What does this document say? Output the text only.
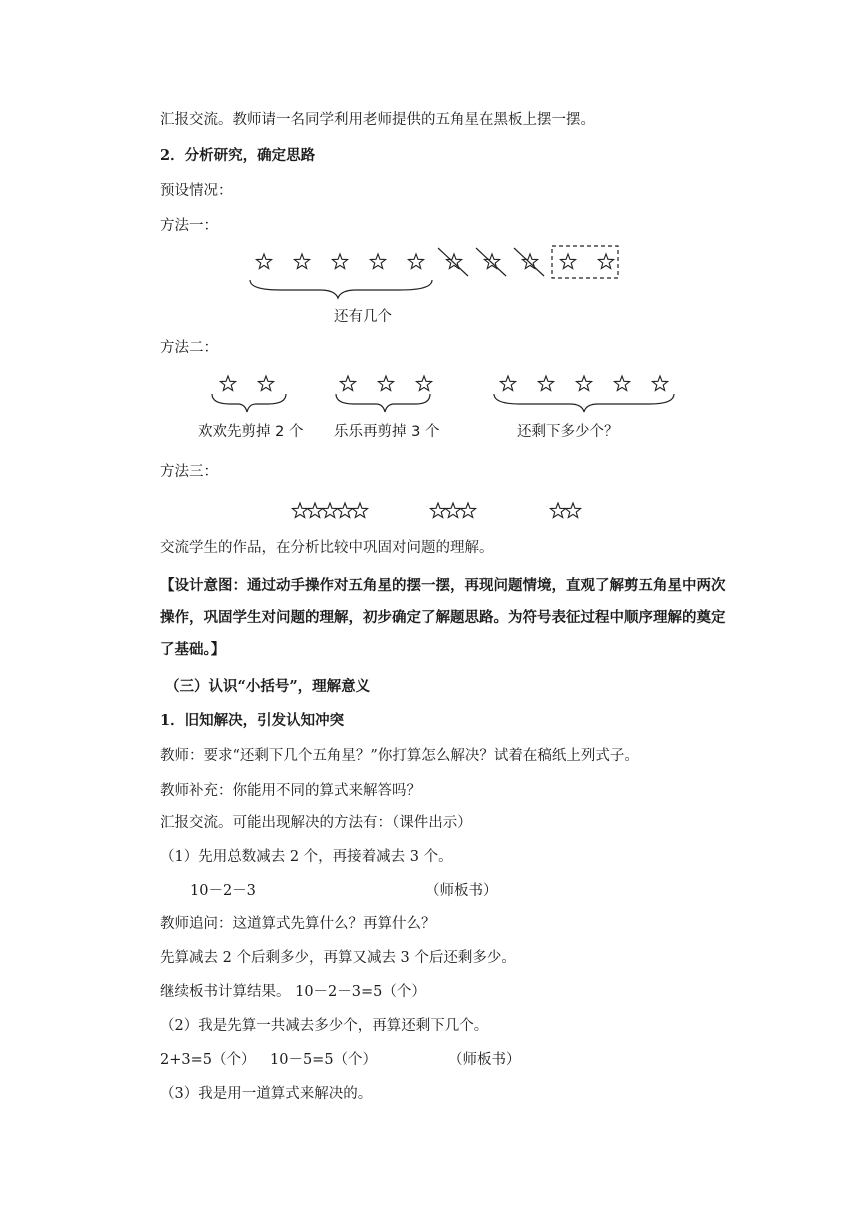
汇报交流。教师请一名同学利用老师提供的五角星在黑板上摆一摆。
2．分析研究，确定思路
预设情况：
方法一：
还有几个
方法二：
欢欢先剪掉 2 个 乐乐再剪掉 3 个	还剩下多少个？
方法三：
交流学生的作品，在分析比较中巩固对问题的理解。
【设计意图：通过动手操作对五角星的摆一摆，再现问题情境，直观了解剪五角星中两次操作，巩固学生对问题的理解，初步确定了解题思路。为符号表征过程中顺序理解的奠定了基础。】
（三）认识“小括号”，理解意义
1．旧知解决，引发认知冲突
教师：要求“还剩下几个五角星？”你打算怎么解决？试着在稿纸上列式子。
教师补充：你能用不同的算式来解答吗？
汇报交流。可能出现解决的方法有：（课件出示）
（1）先用总数减去 2 个，再接着减去 3 个。
10－2－3	（师板书）
教师追问：这道算式先算什么？再算什么？
先算减去 2 个后剩多少，再算又减去 3 个后还剩多少。
继续板书计算结果。 10－2－3=5（个）
（2）我是先算一共减去多少个，再算还剩下几个。
2+3=5（个） 10－5=5（个）	（师板书）
（3）我是用一道算式来解决的。
